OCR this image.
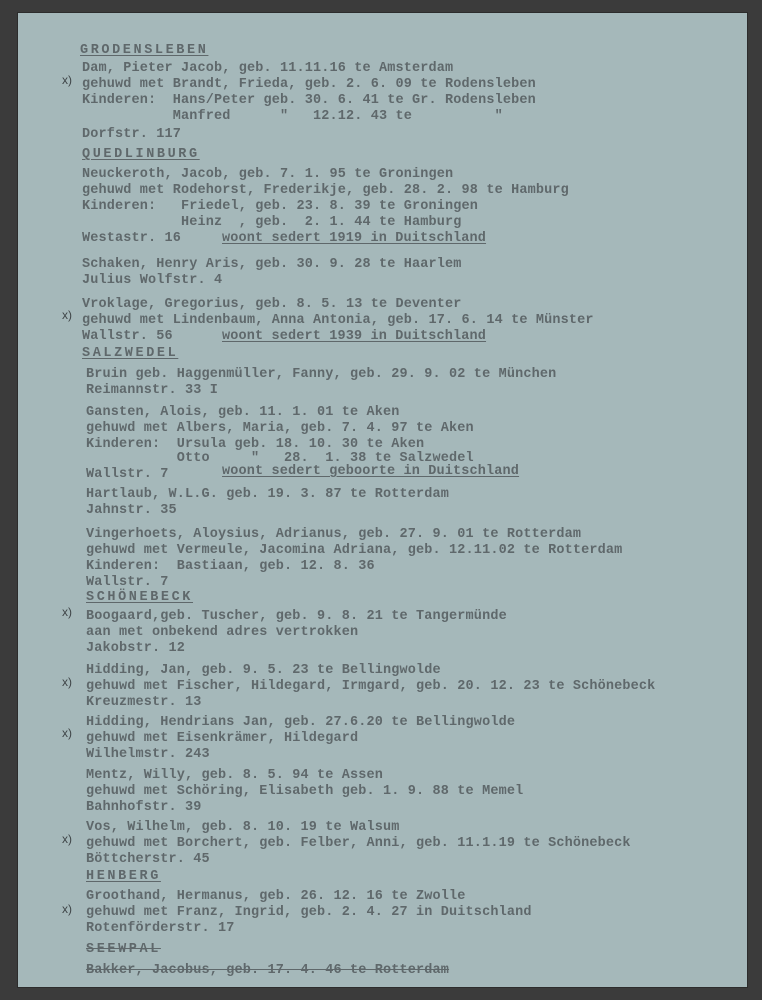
GRODENSLEBEN
Dam, Pieter Jacob, geb. 11.11.16 te Amsterdam
x) gehuwd met Brandt, Frieda, geb. 2. 6. 09 te Rodensleben
Kinderen:  Hans/Peter geb. 30. 6. 41 te Gr. Rodensleben
Manfred      "   12.12. 43 te          "
Dorfstr. 117
QUEDLINBURG
Neuckeroth, Jacob, geb. 7. 1. 95 te Groningen
gehuwd met Rodehorst, Frederikje, geb. 28. 2. 98 te Hamburg
Kinderen:   Friedel, geb. 23. 8. 39 te Groningen
Heinz  , geb.  2. 1. 44 te Hamburg
Westastr. 16	woont sedert 1919 in Duitschland
Schaken, Henry Aris, geb. 30. 9. 28 te Haarlem
Julius Wolfstr. 4
Vroklage, Gregorius, geb. 8. 5. 13 te Deventer
x) gehuwd met Lindenbaum, Anna Antonia, geb. 17. 6. 14 te Münster
Wallstr. 56	woont sedert 1939 in Duitschland
SALZWEDEL
Bruin geb. Haggenmüller, Fanny, geb. 29. 9. 02 te München
Reimannstr. 33 I
Gansten, Alois, geb. 11. 1. 01 te Aken
gehuwd met Albers, Maria, geb. 7. 4. 97 te Aken
Kinderen:  Ursula geb. 18. 10. 30 te Aken
Otto     "   28.  1. 38 te Salzwedel
Wallstr. 7	woont sedert geboorte in Duitschland
Hartlaub, W.L.G. geb. 19. 3. 87 te Rotterdam
Jahnstr. 35
Vingerhoets, Aloysius, Adrianus, geb. 27. 9. 01 te Rotterdam
gehuwd met Vermeule, Jacomina Adriana, geb. 12.11.02 te Rotterdam
Kinderen:  Bastiaan, geb. 12. 8. 36
Wallstr. 7
SCHÖNEBECK
x) Boogaard,geb. Tuscher, geb. 9. 8. 21 te Tangermünde
aan met onbekend adres vertrokken
Jakobstr. 12
Hidding, Jan, geb. 9. 5. 23 te Bellingwolde
x) gehuwd met Fischer, Hildegard, Irmgard, geb. 20. 12. 23 te Schönebeck
Kreuzmestr. 13
Hidding, Hendrians Jan, geb. 27.6.20 te Bellingwolde
x) gehuwd met Eisenkrämer, Hildegard
Wilhelmstr. 243
Mentz, Willy, geb. 8. 5. 94 te Assen
gehuwd met Schöring, Elisabeth geb. 1. 9. 88 te Memel
Bahnhofstr. 39
Vos, Wilhelm, geb. 8. 10. 19 te Walsum
x) gehuwd met Borchert, geb. Felber, Anni, geb. 11.1.19 te Schönebeck
Böttcherstr. 45
HENBERG
Groothand, Hermanus, geb. 26. 12. 16 te Zwolle
x) gehuwd met Franz, Ingrid, geb. 2. 4. 27 in Duitschland
Rotenförderstr. 17
SEEWPAL
Bakker, Jacobus, geb. 17. 4. 46 te Rotterdam
